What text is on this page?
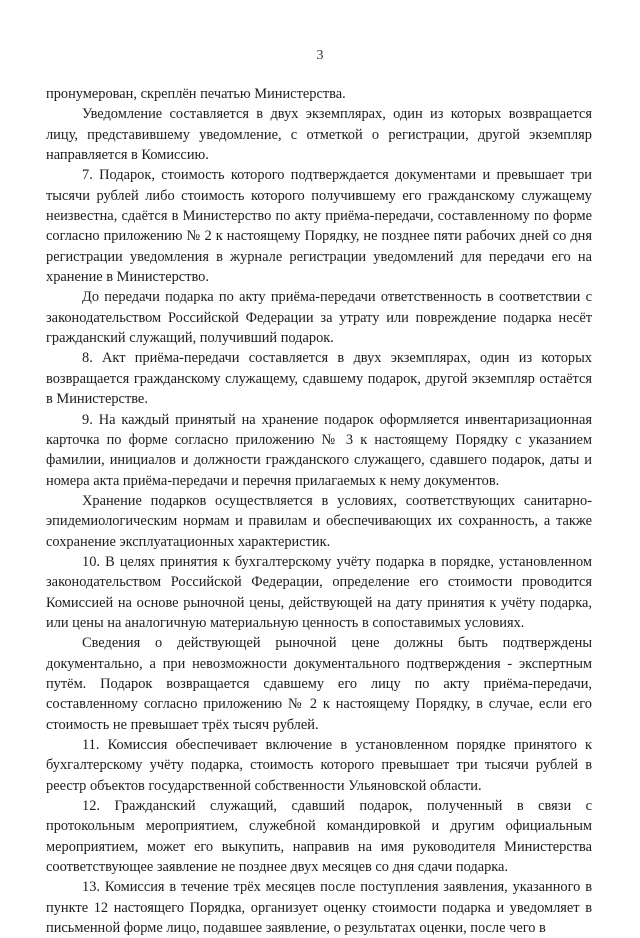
3

пронумерован, скреплён печатью Министерства.

Уведомление составляется в двух экземплярах, один из которых возвращается лицу, представившему уведомление, с отметкой о регистрации, другой экземпляр направляется в Комиссию.

7. Подарок, стоимость которого подтверждается документами и превышает три тысячи рублей либо стоимость которого получившему его гражданскому служащему неизвестна, сдаётся в Министерство по акту приёма-передачи, составленному по форме согласно приложению № 2 к настоящему Порядку, не позднее пяти рабочих дней со дня регистрации уведомления в журнале регистрации уведомлений для передачи его на хранение в Министерство.

До передачи подарка по акту приёма-передачи ответственность в соответствии с законодательством Российской Федерации за утрату или повреждение подарка несёт гражданский служащий, получивший подарок.

8. Акт приёма-передачи составляется в двух экземплярах, один из которых возвращается гражданскому служащему, сдавшему подарок, другой экземпляр остаётся в Министерстве.

9. На каждый принятый на хранение подарок оформляется инвентаризационная карточка по форме согласно приложению № 3 к настоящему Порядку с указанием фамилии, инициалов и должности гражданского служащего, сдавшего подарок, даты и номера акта приёма-передачи и перечня прилагаемых к нему документов.

Хранение подарков осуществляется в условиях, соответствующих санитарно-эпидемиологическим нормам и правилам и обеспечивающих их сохранность, а также сохранение эксплуатационных характеристик.

10. В целях принятия к бухгалтерскому учёту подарка в порядке, установленном законодательством Российской Федерации, определение его стоимости проводится Комиссией на основе рыночной цены, действующей на дату принятия к учёту подарка, или цены на аналогичную материальную ценность в сопоставимых условиях.

Сведения о действующей рыночной цене должны быть подтверждены документально, а при невозможности документального подтверждения - экспертным путём. Подарок возвращается сдавшему его лицу по акту приёма-передачи, составленному согласно приложению № 2 к настоящему Порядку, в случае, если его стоимость не превышает трёх тысяч рублей.

11. Комиссия обеспечивает включение в установленном порядке принятого к бухгалтерскому учёту подарка, стоимость которого превышает три тысячи рублей в реестр объектов государственной собственности Ульяновской области.

12. Гражданский служащий, сдавший подарок, полученный в связи с протокольным мероприятием, служебной командировкой и другим официальным мероприятием, может его выкупить, направив на имя руководителя Министерства соответствующее заявление не позднее двух месяцев со дня сдачи подарка.

13. Комиссия в течение трёх месяцев после поступления заявления, указанного в пункте 12 настоящего Порядка, организует оценку стоимости подарка и уведомляет в письменной форме лицо, подавшее заявление, о результатах оценки, после чего в
